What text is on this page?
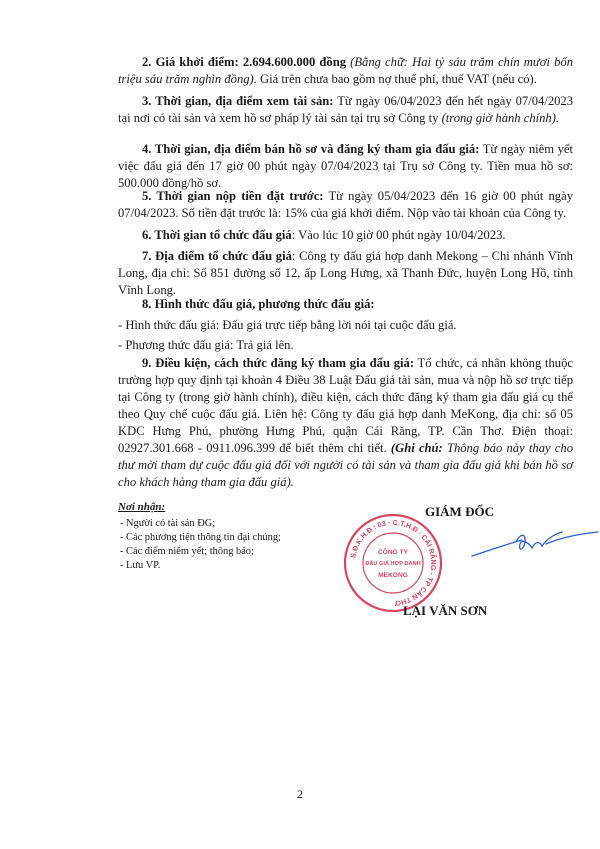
2. Giá khởi điểm: 2.694.600.000 đồng (Bằng chữ: Hai tỷ sáu trăm chín mươi bốn triệu sáu trăm nghìn đồng). Giá trên chưa bao gồm nợ thuế phí, thuế VAT (nếu có).

3. Thời gian, địa điểm xem tài sản: Từ ngày 06/04/2023 đến hết ngày 07/04/2023 tại nơi có tài sản và xem hồ sơ pháp lý tài sản tại trụ sở Công ty (trong giờ hành chính).

4. Thời gian, địa điểm bán hồ sơ và đăng ký tham gia đấu giá: Từ ngày niêm yết việc đấu giá đến 17 giờ 00 phút ngày 07/04/2023 tại Trụ sở Công ty. Tiền mua hồ sơ: 500.000 đồng/hồ sơ.

5. Thời gian nộp tiền đặt trước: Từ ngày 05/04/2023 đến 16 giờ 00 phút ngày 07/04/2023. Số tiền đặt trước là: 15% của giá khởi điểm. Nộp vào tài khoản của Công ty.

6. Thời gian tổ chức đấu giá: Vào lúc 10 giờ 00 phút ngày 10/04/2023.

7. Địa điểm tổ chức đấu giá: Công ty đấu giá hợp danh Mekong – Chi nhánh Vĩnh Long, địa chỉ: Số 851 đường số 12, ấp Long Hưng, xã Thanh Đức, huyện Long Hồ, tỉnh Vĩnh Long.

8. Hình thức đấu giá, phương thức đấu giá:

- Hình thức đấu giá: Đấu giá trực tiếp bằng lời nói tại cuộc đấu giá.

- Phương thức đấu giá: Trả giá lên.

9. Điều kiện, cách thức đăng ký tham gia đấu giá: Tổ chức, cá nhân không thuộc trường hợp quy định tại khoản 4 Điều 38 Luật Đấu giá tài sản, mua và nộp hồ sơ trực tiếp tại Công ty (trong giờ hành chính), điều kiện, cách thức đăng ký tham gia đấu giá cụ thể theo Quy chế cuộc đấu giá. Liên hệ: Công ty đấu giá hợp danh MeKong, địa chỉ: số 05 KDC Hưng Phú, phường Hưng Phú, quận Cái Răng, TP. Cần Thơ. Điện thoại: 02927.301.668 - 0911.096.399 để biết thêm chi tiết. (Ghi chú: Thông báo này thay cho thư mời tham dự cuộc đấu giá đối với người có tài sản và tham gia đấu giá khi bán hồ sơ cho khách hàng tham gia đấu giá).

Nơi nhận:
- Người có tài sản ĐG;
- Các phương tiện thông tin đại chúng;
- Các điểm niêm yết; thông báo;
- Lưu VP.
GIÁM ĐỐC
S.Đ.K.H.Đ : 03 · C.T.H.Đ · CÁI RĂNG - TP CẦN THƠ
CÔNG TY
ĐẤU GIÁ HỢP DANH
MEKONG
LẠI VĂN SƠN
2
